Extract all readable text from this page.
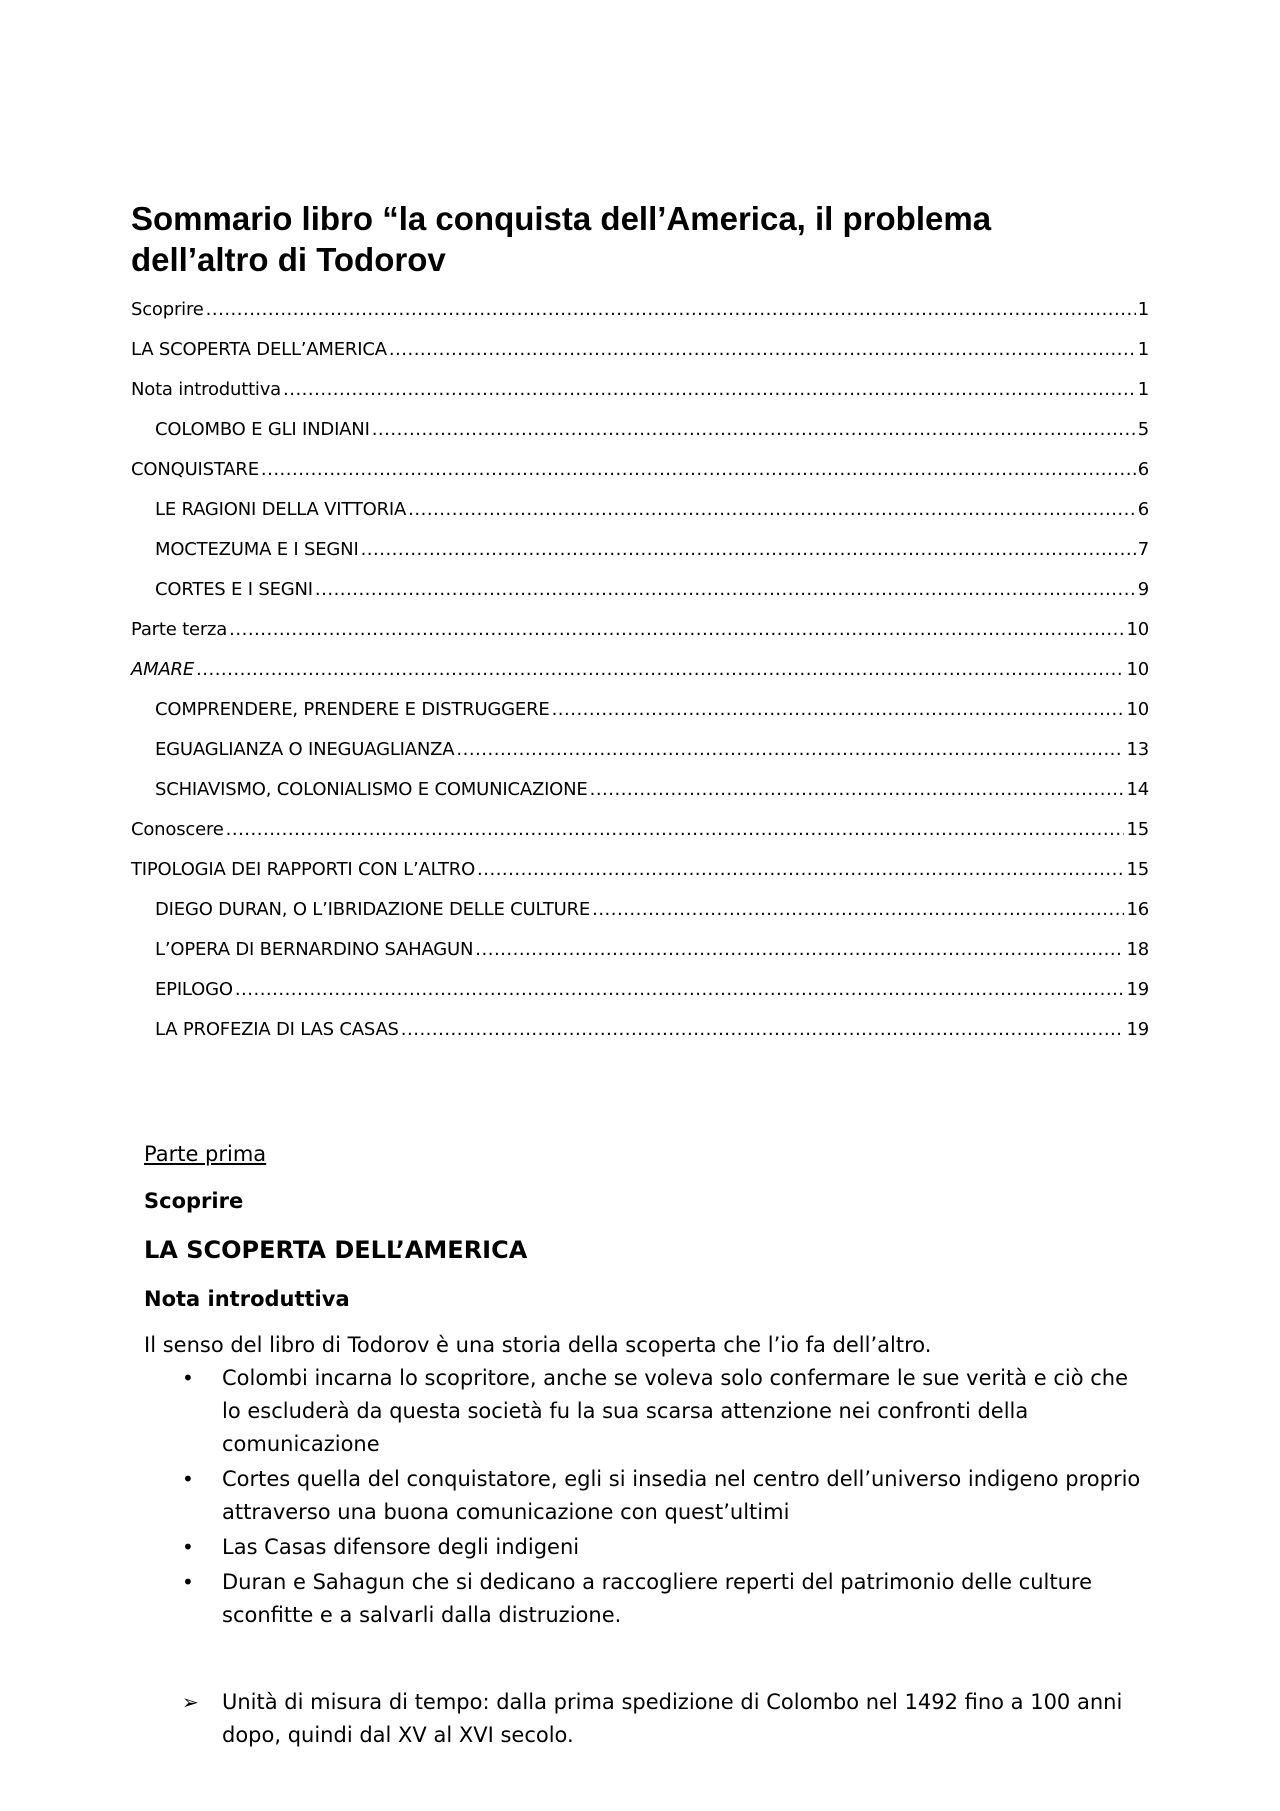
Sommario libro “la conquista dell’America, il problema dell’altro di Todorov
Scoprire .....	1
LA SCOPERTA DELL’AMERICA .....	1
Nota introduttiva .....	1
COLOMBO E GLI INDIANI .....	5
CONQUISTARE .....	6
LE RAGIONI DELLA VITTORIA .....	6
MOCTEZUMA E I SEGNI .....	7
CORTES E I SEGNI .....	9
Parte terza .....	10
AMARE .....	10
COMPRENDERE, PRENDERE E DISTRUGGERE .....	10
EGUAGLIANZA O INEGUAGLIANZA .....	13
SCHIAVISMO, COLONIALISMO E COMUNICAZIONE .....	14
Conoscere .....	15
TIPOLOGIA DEI RAPPORTI CON L’ALTRO .....	15
DIEGO DURAN, O L’IBRIDAZIONE DELLE CULTURE .....	16
L’OPERA DI BERNARDINO SAHAGUN .....	18
EPILOGO .....	19
LA PROFEZIA DI LAS CASAS .....	19
Parte prima
Scoprire
LA SCOPERTA DELL’AMERICA
Nota introduttiva

Il senso del libro di Todorov è una storia della scoperta che l’io fa dell’altro.

• Colombi incarna lo scopritore, anche se voleva solo confermare le sue verità e ciò che lo escluderà da questa società fu la sua scarsa attenzione nei confronti della comunicazione
• Cortes quella del conquistatore, egli si insedia nel centro dell’universo indigeno proprio attraverso una buona comunicazione con quest’ultimi
• Las Casas difensore degli indigeni
• Duran e Sahagun che si dedicano a raccogliere reperti del patrimonio delle culture sconfitte e a salvarli dalla distruzione.
➢ Unità di misura di tempo: dalla prima spedizione di Colombo nel 1492 fino a 100 anni dopo, quindi dal XV al XVI secolo.
